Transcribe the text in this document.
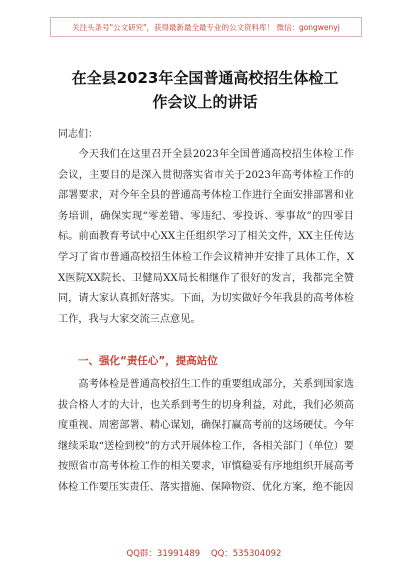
关注头条号"公文研究"，获得最新最全最专业的公文资料库！ 微信：gongwenyj
在全县2023年全国普通高校招生体检工
作会议上的讲话
同志们：
今天我们在这里召开全县2023年全国普通高校招生体检工作会议，主要目的是深入贯彻落实省市关于2023年高考体检工作的部署要求，对今年全县的普通高考体检工作进行全面安排部署和业务培训，确保实现“零差错、零违纪、零投诉、零事故”的四零目标。前面教育考试中心XX主任组织学习了相关文件，XX主任传达学习了省市普通高校招生体检工作会议精神并安排了具体工作，XX医院XX院长、卫健局XX局长相继作了很好的发言，我都完全赞同，请大家认真抓好落实。下面，为切实做好今年我县的高考体检工作，我与大家交流三点意见。
一、强化“责任心”，提高站位
高考体检是普通高校招生工作的重要组成部分，关系到国家选拔合格人才的大计，也关系到考生的切身利益，对此，我们必须高度重视、周密部署、精心谋划，确保打赢高考前的这场硬仗。今年继续采取“送检到校”的方式开展体检工作，各相关部门（单位）要按照省市高考体检工作的相关要求，审慎稳妥有序地组织开展高考体检工作要压实责任、落实措施、保障物资、优化方案，绝不能因
QQ群：31991489 QQ：535304092
